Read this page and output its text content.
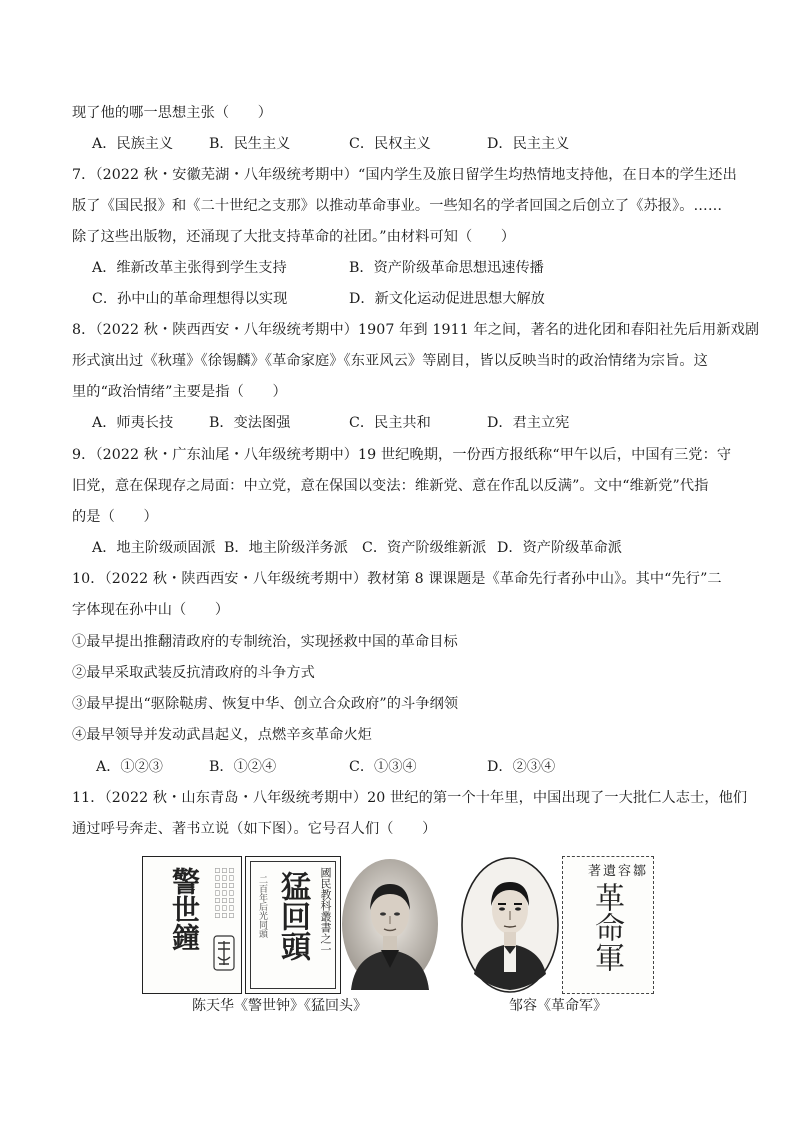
现了他的哪一思想主张（　　）
A．民族主义	B．民生主义	C．民权主义	D．民主主义
7．（2022 秋・安徽芜湖・八年级统考期中）“国内学生及旅日留学生均热情地支持他，在日本的学生还出
版了《国民报》和《二十世纪之支那》以推动革命事业。一些知名的学者回国之后创立了《苏报》。……
除了这些出版物，还涌现了大批支持革命的社团。”由材料可知（　　）
A．维新改革主张得到学生支持	B．资产阶级革命思想迅速传播
C．孙中山的革命理想得以实现	D．新文化运动促进思想大解放
8．（2022 秋・陕西西安・八年级统考期中）1907 年到 1911 年之间，著名的进化团和春阳社先后用新戏剧
形式演出过《秋瑾》《徐锡麟》《革命家庭》《东亚风云》等剧目，皆以反映当时的政治情绪为宗旨。这
里的“政治情绪”主要是指（　　）
A．师夷长技	B．变法图强	C．民主共和	D．君主立宪
9．（2022 秋・广东汕尾・八年级统考期中）19 世纪晚期，一份西方报纸称“甲午以后，中国有三党：守
旧党，意在保现存之局面：中立党，意在保国以变法：维新党、意在作乱以反满”。文中“维新党”代指
的是（　　）
A．地主阶级顽固派 B．地主阶级洋务派 C．资产阶级维新派 D．资产阶级革命派
10．（2022 秋・陕西西安・八年级统考期中）教材第 8 课课题是《革命先行者孙中山》。其中“先行”二
字体现在孙中山（　　）
①最早提出推翻清政府的专制统治，实现拯救中国的革命目标
②最早采取武装反抗清政府的斗争方式
③最早提出“驱除鞑虏、恢复中华、创立合众政府”的斗争纲领
④最早领导并发动武昌起义，点燃辛亥革命火炬
A．①②③	B．①②④	C．①③④	D．②③④
11．（2022 秋・山东青岛・八年级统考期中）20 世纪的第一个十年里，中国出现了一大批仁人志士，他们
通过呼号奔走、著书立说（如下图）。它号召人们（　　）
警世鐘	□□□□□□□
□□□□□□□
□□□□□□□	國民教科叢書之一
猛回頭
二百年后光同頭
鄒容遺著
革命軍
陈天华《警世钟》《猛回头》	邹容《革命军》
